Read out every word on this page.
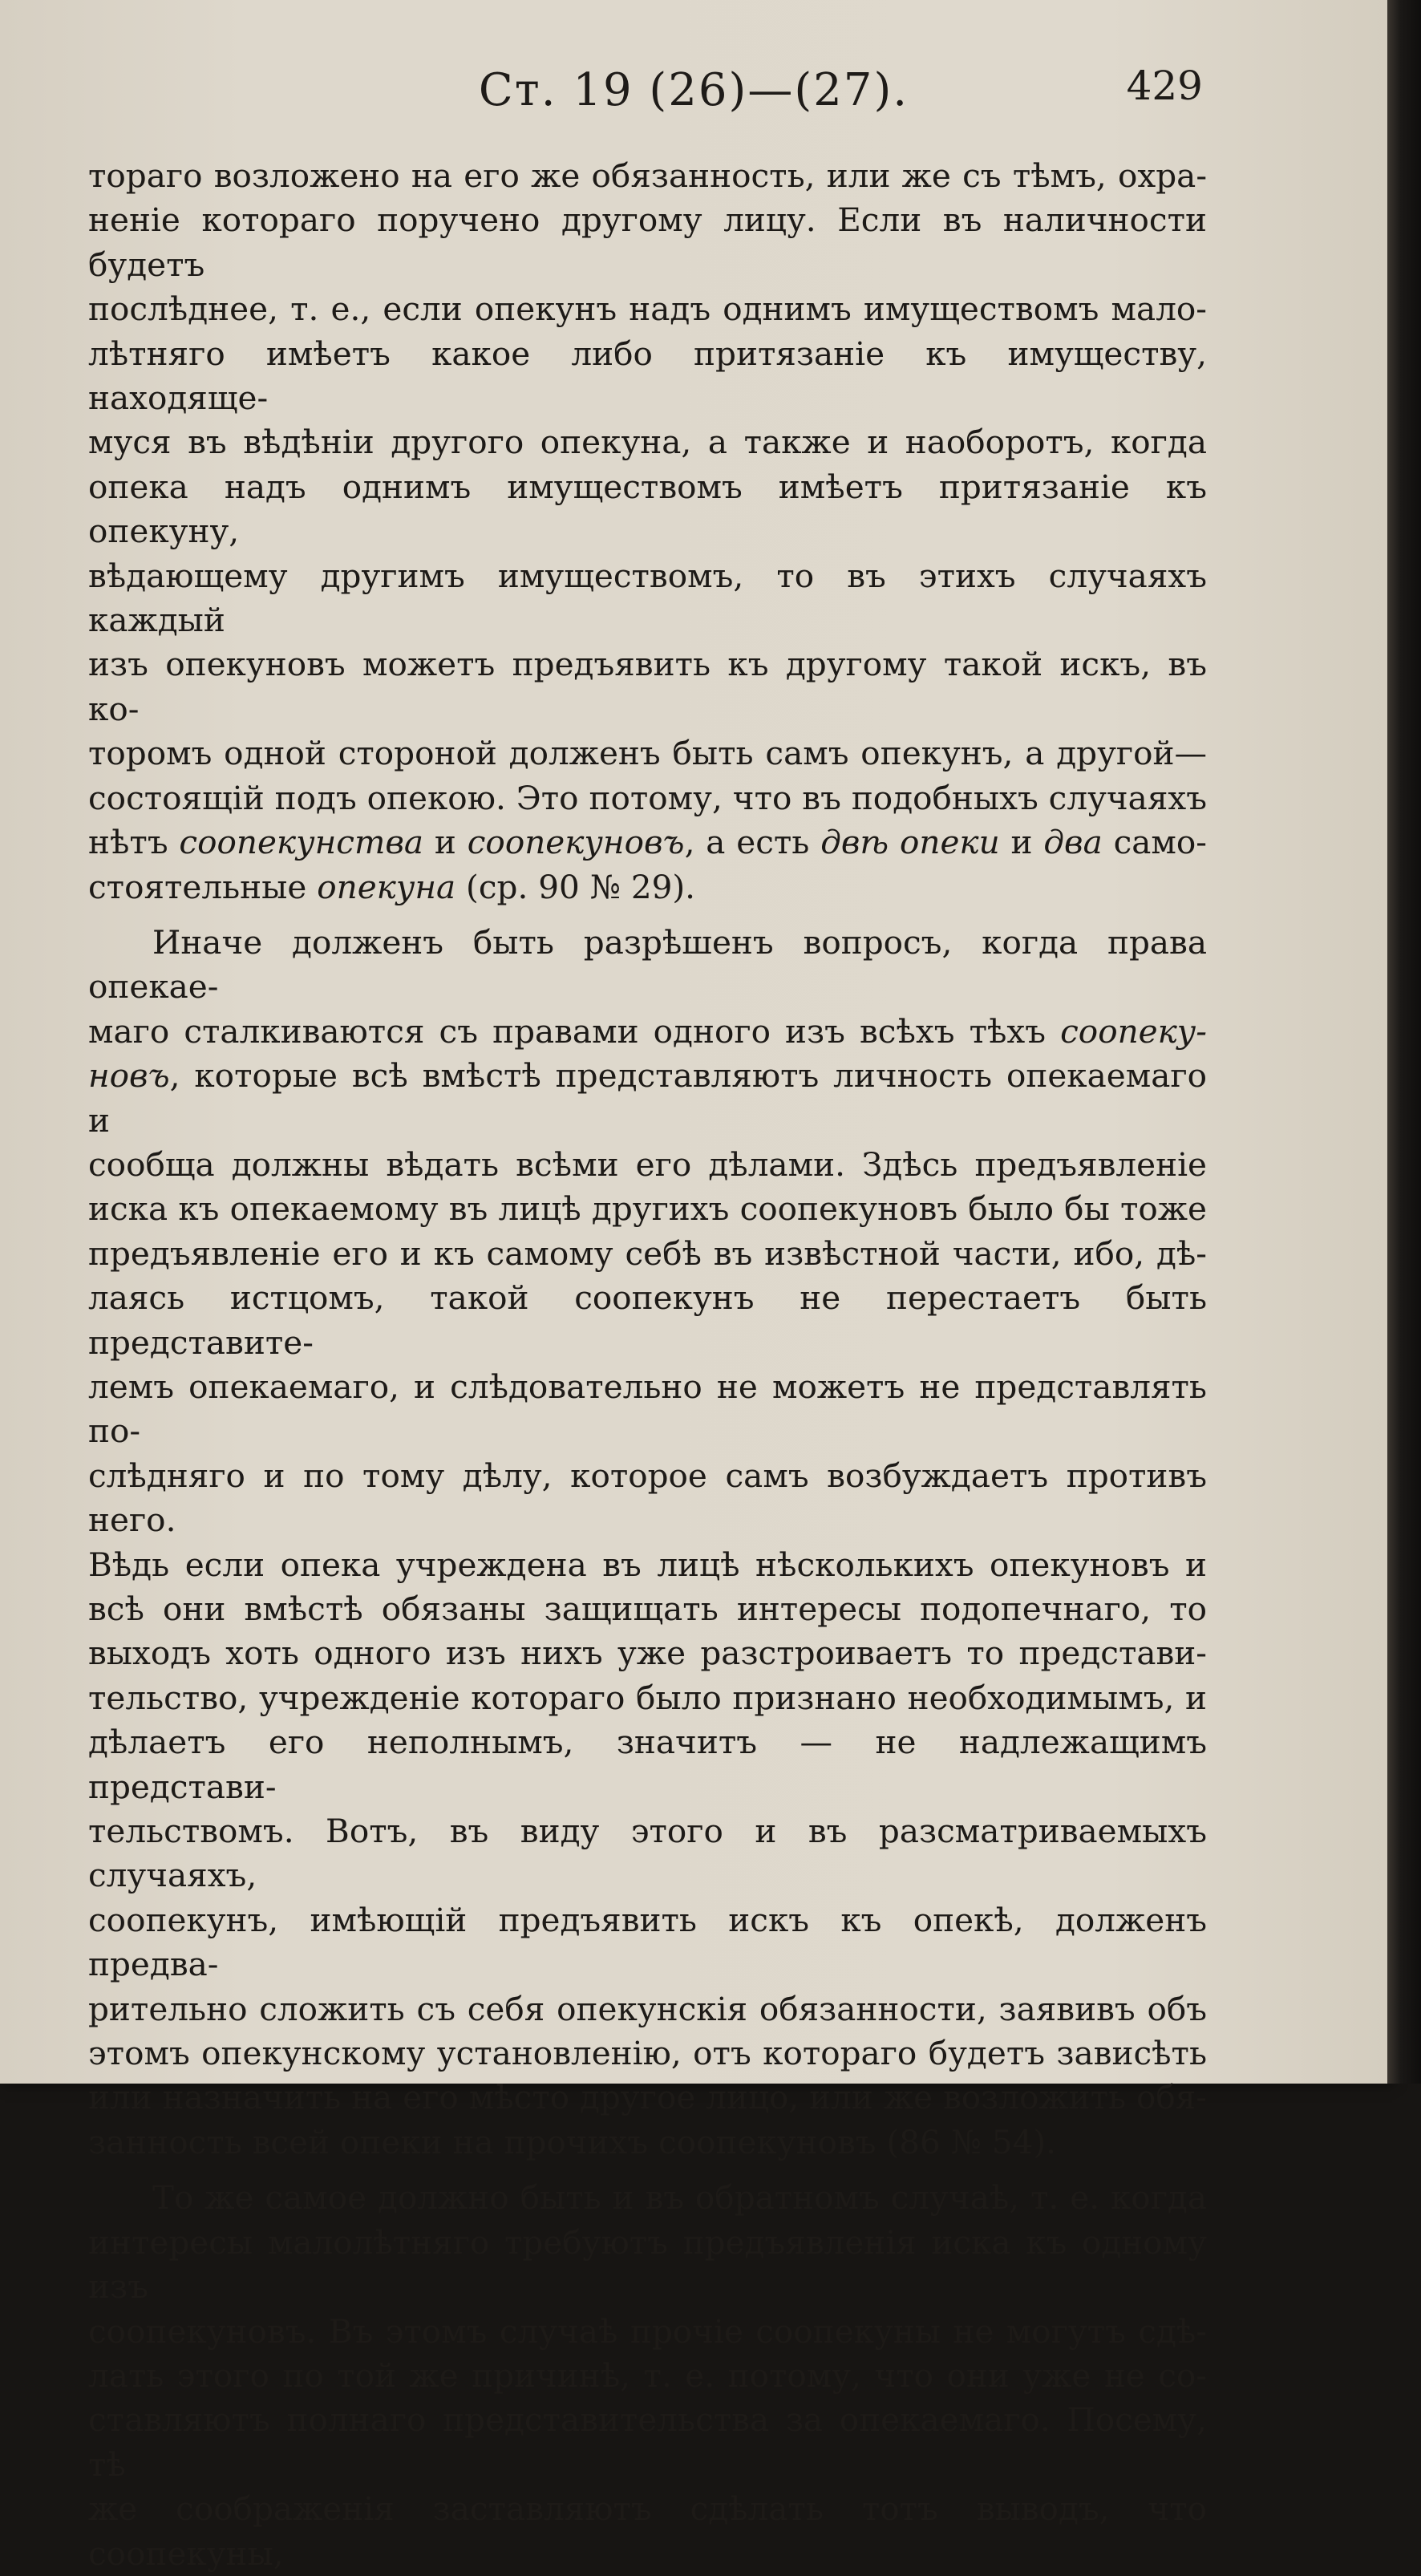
Ст. 19 (26)—(27).	429

тораго возложено на его же обязанность, или же съ тѣмъ, охра-

неніе котораго поручено другому лицу. Если въ наличности будетъ

послѣднее, т. е., если опекунъ надъ однимъ имуществомъ мало-

лѣтняго имѣетъ какое либо притязаніе къ имуществу, находяще-

муся въ вѣдѣніи другого опекуна, а также и наоборотъ, когда

опека надъ однимъ имуществомъ имѣетъ притязаніе къ опекуну,

вѣдающему другимъ имуществомъ, то въ этихъ случаяхъ каждый

изъ опекуновъ можетъ предъявить къ другому такой искъ, въ ко-

торомъ одной стороной долженъ быть самъ опекунъ, а другой—

состоящій подъ опекою. Это потому, что въ подобныхъ случаяхъ

нѣтъ соопекунства и соопекуновъ, а есть двѣ опеки и два само-

стоятельные опекуна (ср. 90 № 29).

Иначе долженъ быть разрѣшенъ вопросъ, когда права опекае-

маго сталкиваются съ правами одного изъ всѣхъ тѣхъ соопеку-

новъ, которые всѣ вмѣстѣ представляютъ личность опекаемаго и

сообща должны вѣдать всѣми его дѣлами. Здѣсь предъявленіе

иска къ опекаемому въ лицѣ другихъ соопекуновъ было бы тоже

предъявленіе его и къ самому себѣ въ извѣстной части, ибо, дѣ-

лаясь истцомъ, такой соопекунъ не перестаетъ быть представите-

лемъ опекаемаго, и слѣдовательно не можетъ не представлять по-

слѣдняго и по тому дѣлу, которое самъ возбуждаетъ противъ него.

Вѣдь если опека учреждена въ лицѣ нѣсколькихъ опекуновъ и

всѣ они вмѣстѣ обязаны защищать интересы подопечнаго, то

выходъ хоть одного изъ нихъ уже разстроиваетъ то представи-

тельство, учрежденіе котораго было признано необходимымъ, и

дѣлаетъ его неполнымъ, значитъ — не надлежащимъ представи-

тельствомъ. Вотъ, въ виду этого и въ разсматриваемыхъ случаяхъ,

соопекунъ, имѣющій предъявить искъ къ опекѣ, долженъ предва-

рительно сложить съ себя опекунскія обязанности, заявивъ объ

этомъ опекунскому установленію, отъ котораго будетъ зависѣть

или назначить на его мѣсто другое лицо, или же возложить обя-

занность всей опеки на прочихъ соопекуновъ (86 № 54).

То же самое должно быть и въ обратномъ случаѣ, т. е. когда

интересы малолѣтняго требуютъ предъявленія иска къ одному изъ

соопекуновъ. Въ этомъ случаѣ прочіе соопекуны не могутъ сдѣ-

лать этого по той же причинѣ, т. е. потому, что они уже не со-

ставляютъ полнаго представительства за опекаемаго. Посему, тѣ

же соображенія заставляютъ сдѣлать тотъ выводъ, что соопекуны,
